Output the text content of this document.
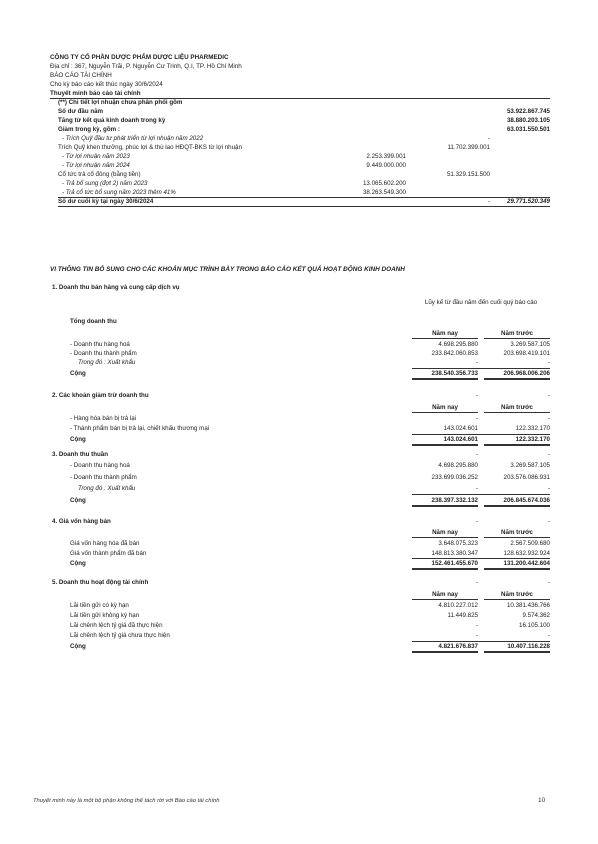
CÔNG TY CỔ PHẦN DƯỢC PHẨM DƯỢC LIỆU PHARMEDIC
Địa chỉ : 367, Nguyễn Trãi, P. Nguyễn Cư Trinh, Q.I, TP. Hồ Chí Minh
BÁO CÁO TÀI CHÍNH
Cho kỳ báo cáo kết thúc ngày 30/6/2024
Thuyết minh báo cáo tài chính
(**) Chi tiết lợi nhuận chưa phân phối gồm
Số dư đầu năm	53.922.867.745
Tăng từ kết quả kinh doanh trong kỳ	38.880.203.105
Giảm trong kỳ, gồm :	63.031.550.501
- Trích Quỹ đầu tư phát triển từ lợi nhuận năm 2022	-
Trích Quỹ khen thưởng, phúc lợi & thù lao HĐQT-BKS từ lợi nhuận	11.702.399.001
- Từ lợi nhuận năm 2023	2.253.399.001
- Từ lợi nhuận năm 2024	9.449.000.000
Cổ tức trả cổ đông (bằng tiền)	51.329.151.500
- Trả bổ sung (đợt 2) năm 2023	13.065.602.200
- Trả cổ tức bổ sung năm 2023 thêm 41%	38.263.549.300
Số dư cuối kỳ tại ngày 30/6/2024	-	29.771.520.349
VI THÔNG TIN BỔ SUNG CHO CÁC KHOẢN MỤC TRÌNH BÀY TRONG BÁO CÁO KẾT QUẢ HOẠT ĐỘNG KINH DOANH
1. Doanh thu bán hàng và cung cấp dịch vụ
Lũy kế từ đầu năm đến cuối quý báo cáo
Tổng doanh thu
Năm nay	Năm trước
- Doanh thu hàng hoá	4.698.295.880	3.269.587.105
- Doanh thu thành phẩm	233.842.060.853	203.698.419.101
Trong đó : Xuất khẩu	-	-
Cộng	238.540.356.733	206.968.006.206
2. Các khoản giảm trừ doanh thu	-	-
Năm nay	Năm trước
- Hàng hóa bán bị trả lại	-	-
- Thành phẩm bán bị trả lại, chiết khấu thương mại	143.024.601	122.332.170
Cộng	143.024.601	122.332.170
3. Doanh thu thuần	-	-
- Doanh thu hàng hoá	4.698.295.880	3.269.587.105
- Doanh thu thành phẩm	233.699.036.252	203.576.086.931
Trong đó : Xuất khẩu	-	-
Cộng	238.397.332.132	206.845.674.036
4. Giá vốn hàng bán	-	-
Năm nay	Năm trước
Giá vốn hàng hóa đã bán	3.648.075.323	2.567.509.680
Giá vốn thành phẩm đã bán	148.813.380.347	128.632.932.924
Cộng	152.461.455.670	131.200.442.604
5. Doanh thu hoạt động tài chính	-	-
Năm nay	Năm trước
Lãi tiền gửi có kỳ hạn	4.810.227.012	10.381.436.766
Lãi tiền gửi không kỳ hạn	11.449.825	9.574.362
Lãi chênh lệch tỷ giá đã thực hiện	-	16.105.100
Lãi chênh lệch tỷ giá chưa thực hiện	-	-
Cộng	4.821.676.837	10.407.116.228
Thuyết minh này là một bộ phận không thể tách rời với Báo cáo tài chính	10
